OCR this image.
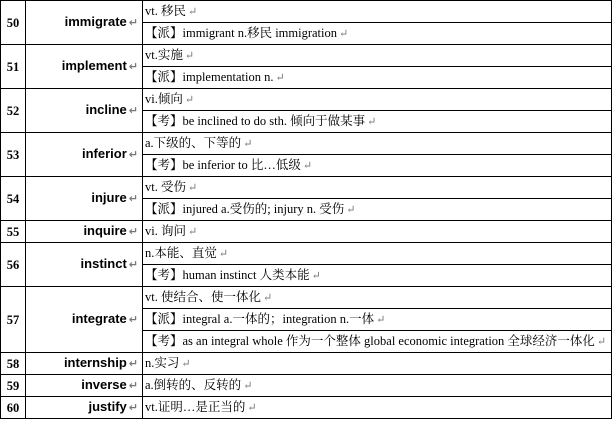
50	immigrate ↵	vt. 移民 ↵
		【派】immigrant n.移民 immigration ↵
51	implement ↵	vt.实施 ↵
		【派】implementation n. ↵
52	incline ↵	vi.倾向 ↵
		【考】be inclined to do sth. 倾向于做某事 ↵
53	inferior ↵	a.下级的、下等的 ↵
		【考】be inferior to 比…低级 ↵
54	injure ↵	vt. 受伤 ↵
		【派】injured a.受伤的; injury n. 受伤 ↵
55	inquire ↵	vi. 询问 ↵
56	instinct ↵	n.本能、直觉 ↵
		【考】human instinct 人类本能 ↵
57	integrate ↵	vt. 使结合、使一体化 ↵
		【派】integral a.一体的；integration n.一体 ↵
		【考】as an integral whole 作为一个整体 global economic integration 全球经济一体化 ↵
58	internship ↵	n.实习 ↵
59	inverse ↵	a.倒转的、反转的 ↵
60	justify ↵	vt.证明…是正当的 ↵
